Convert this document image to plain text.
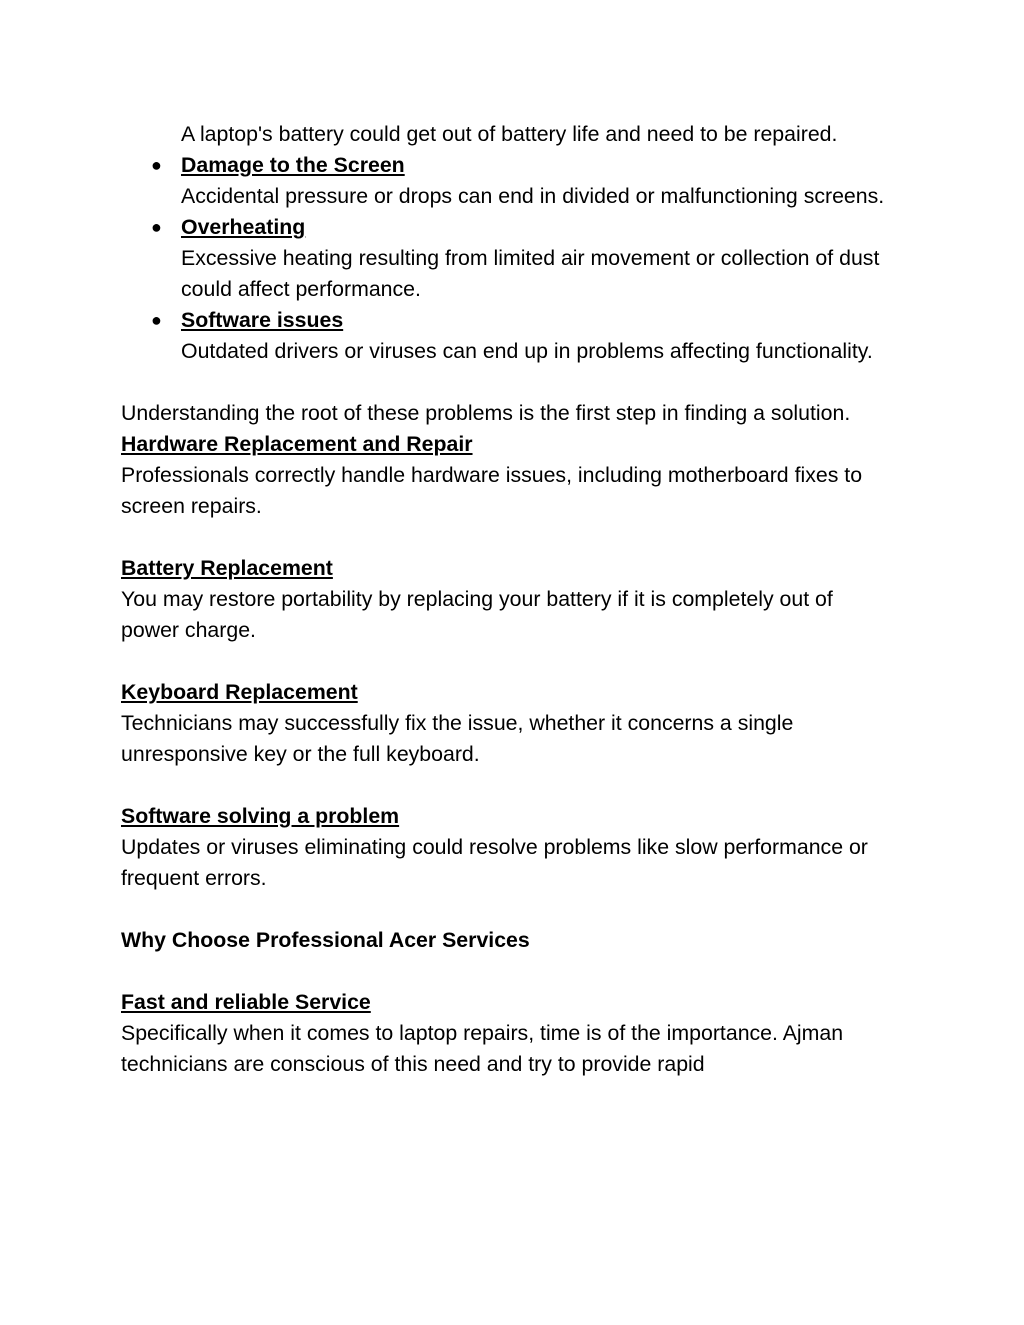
A laptop's battery could get out of battery life and need to be repaired.

● Damage to the Screen

Accidental pressure or drops can end in divided or malfunctioning screens.

● Overheating

Excessive heating resulting from limited air movement or collection of dust could affect performance.

● Software issues

Outdated drivers or viruses can end up in problems affecting functionality.

Understanding the root of these problems is the first step in finding a solution.

Hardware Replacement and Repair

Professionals correctly handle hardware issues, including motherboard fixes to screen repairs.

Battery Replacement

You may restore portability by replacing your battery if it is completely out of power charge.

Keyboard Replacement

Technicians may successfully fix the issue, whether it concerns a single unresponsive key or the full keyboard.

Software solving a problem

Updates or viruses eliminating could resolve problems like slow performance or frequent errors.

Why Choose Professional Acer Services

Fast and reliable Service

Specifically when it comes to laptop repairs, time is of the importance. Ajman technicians are conscious of this need and try to provide rapid
